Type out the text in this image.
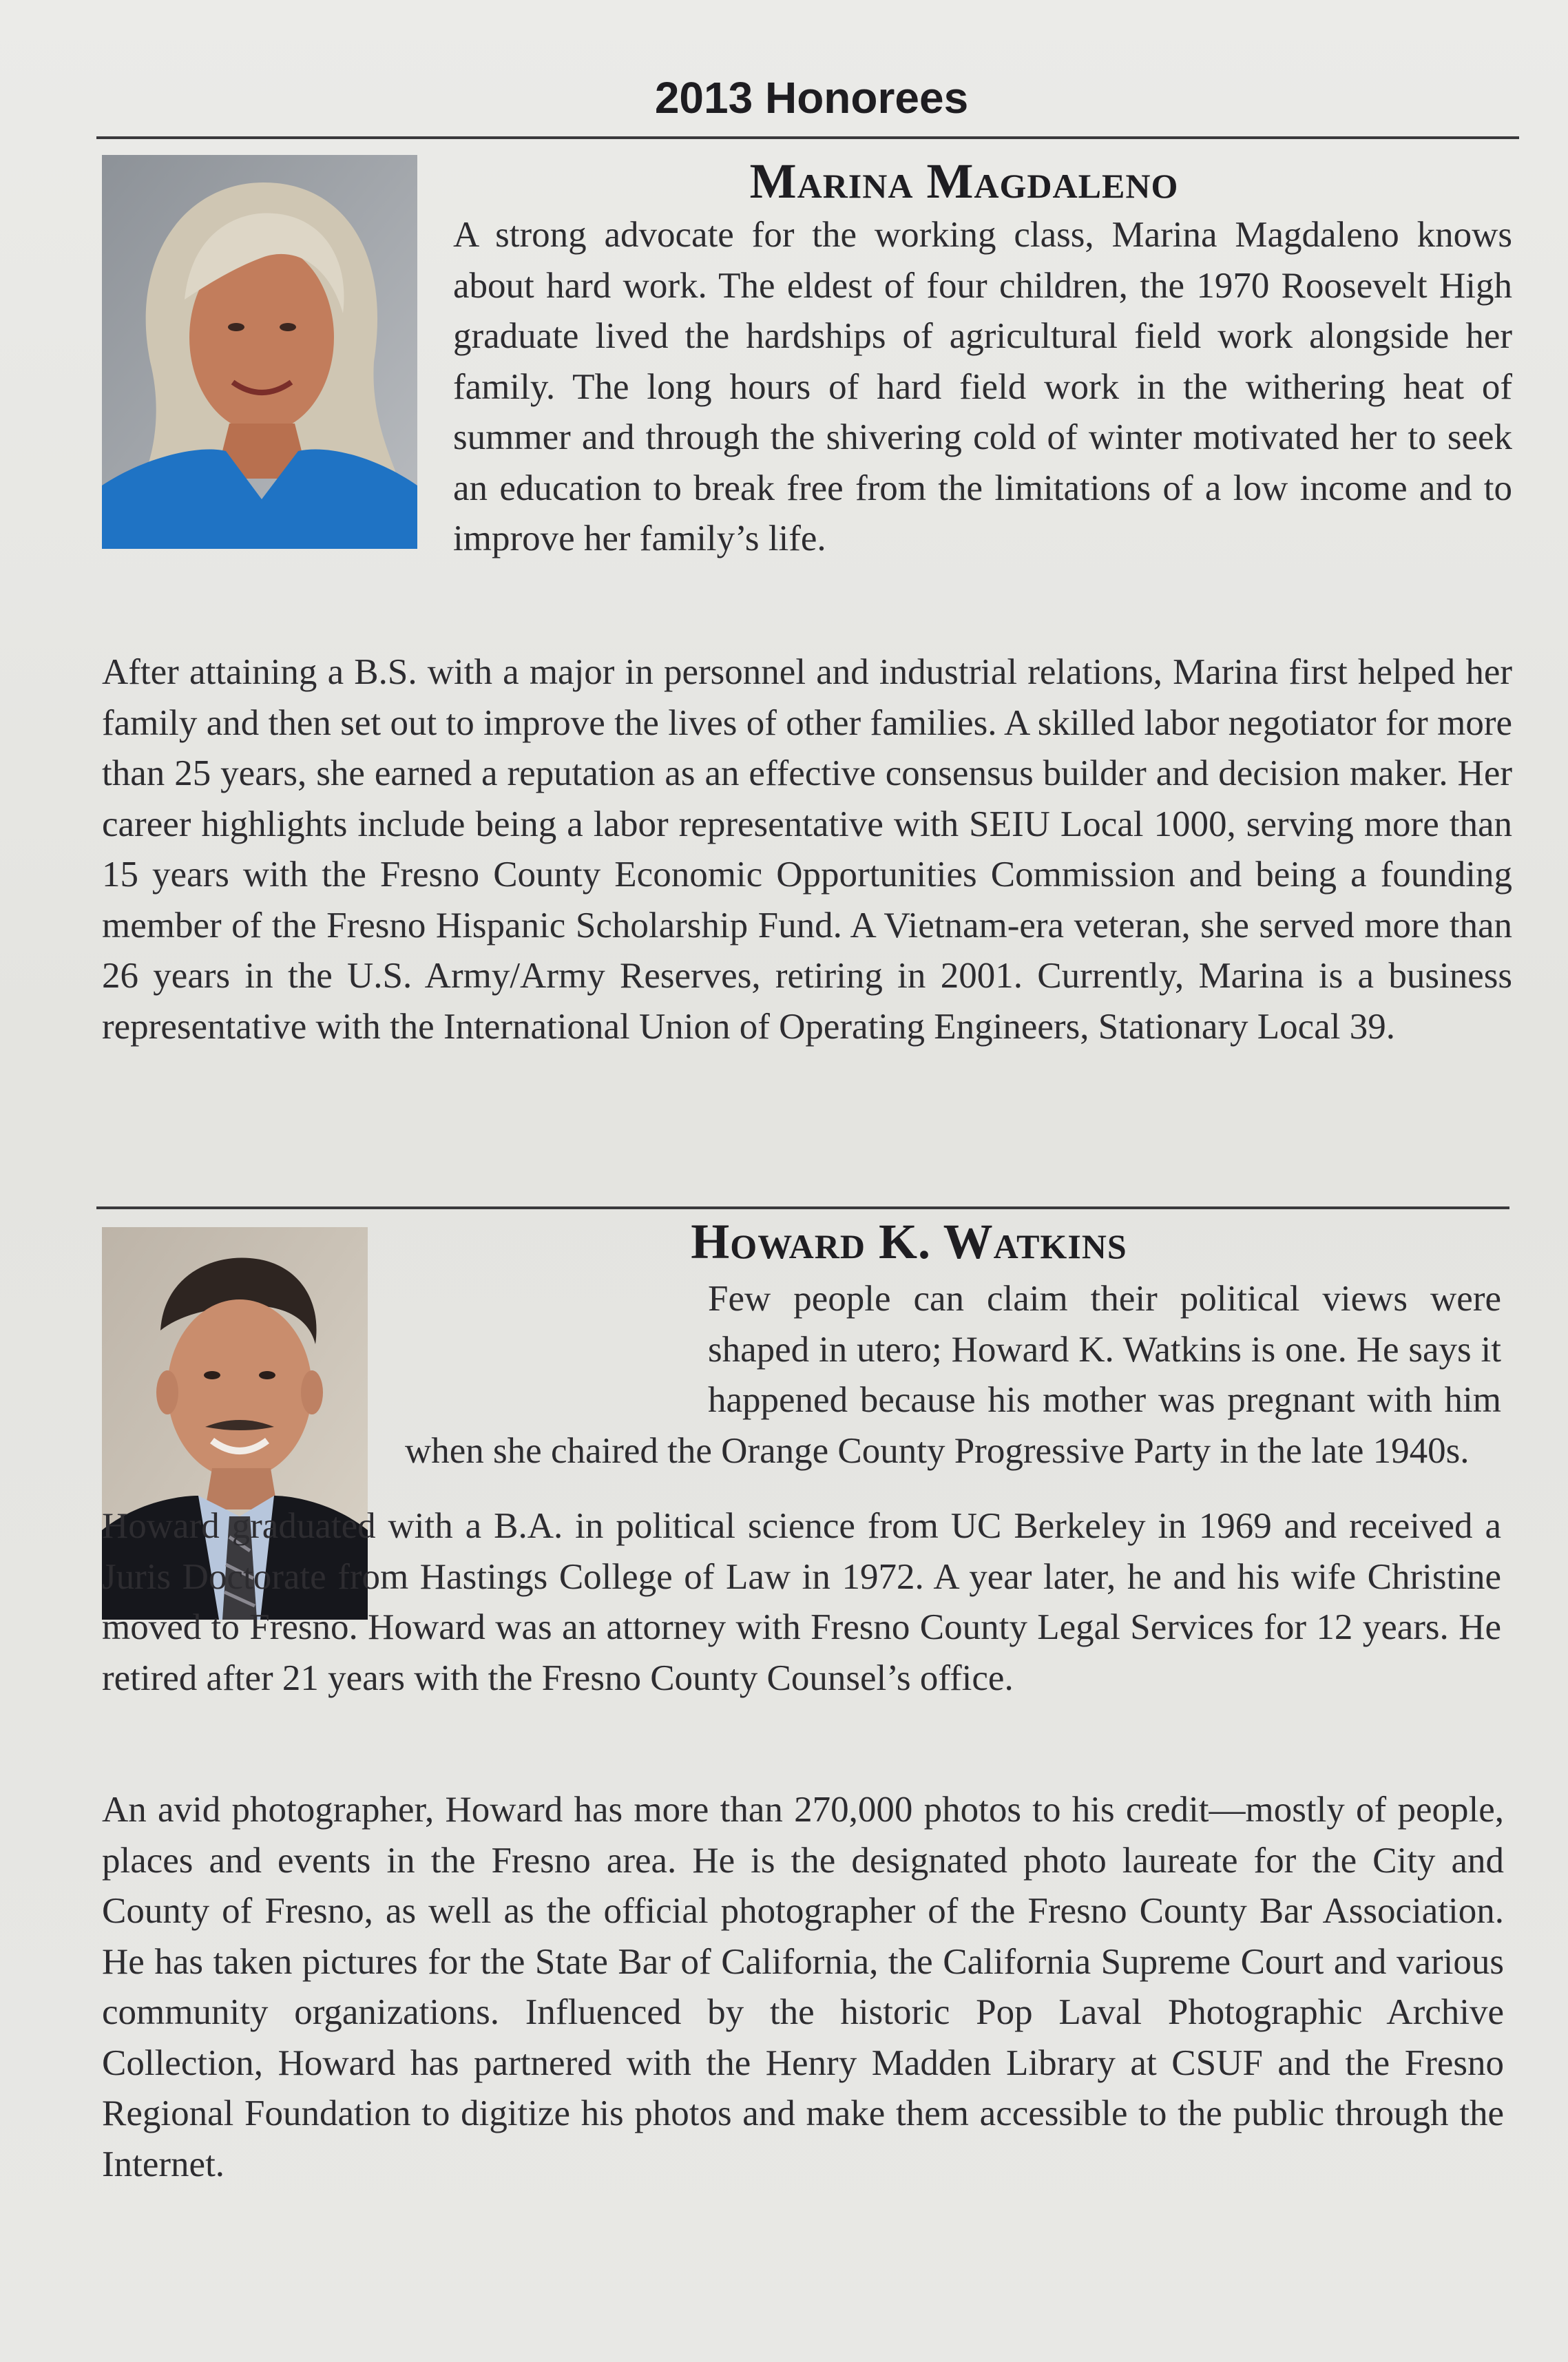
2013 Honorees
Marina Magdaleno

A strong advocate for the working class, Marina Magdaleno knows about hard work. The eldest of four children, the 1970 Roosevelt High graduate lived the hardships of agricultural field work alongside her family. The long hours of hard field work in the withering heat of summer and through the shivering cold of winter motivated her to seek an education to break free from the limitations of a low income and to improve her family’s life.

After attaining a B.S. with a major in personnel and industrial relations, Marina first helped her family and then set out to improve the lives of other families. A skilled labor negotiator for more than 25 years, she earned a reputation as an effective consensus builder and decision maker. Her career highlights include being a labor representative with SEIU Local 1000, serving more than 15 years with the Fresno County Economic Opportunities Commission and being a founding member of the Fresno Hispanic Scholarship Fund. A Vietnam-era veteran, she served more than 26 years in the U.S. Army/Army Reserves, retiring in 2001. Currently, Marina is a business representative with the International Union of Operating Engineers, Stationary Local 39.

Howard K. Watkins

Few people can claim their political views were shaped in utero; Howard K. Watkins is one. He says it happened because his mother was pregnant with him when she chaired the Orange County Progressive Party in the late 1940s.

Howard graduated with a B.A. in political science from UC Berkeley in 1969 and received a Juris Doctorate from Hastings College of Law in 1972. A year later, he and his wife Christine moved to Fresno. Howard was an attorney with Fresno County Legal Services for 12 years. He retired after 21 years with the Fresno County Counsel’s office.

An avid photographer, Howard has more than 270,000 photos to his credit—mostly of people, places and events in the Fresno area. He is the designated photo laureate for the City and County of Fresno, as well as the official photographer of the Fresno County Bar Association. He has taken pictures for the State Bar of California, the California Supreme Court and various community organizations. Influenced by the historic Pop Laval Photographic Archive Collection, Howard has partnered with the Henry Madden Library at CSUF and the Fresno Regional Foundation to digitize his photos and make them accessible to the public through the Internet.
